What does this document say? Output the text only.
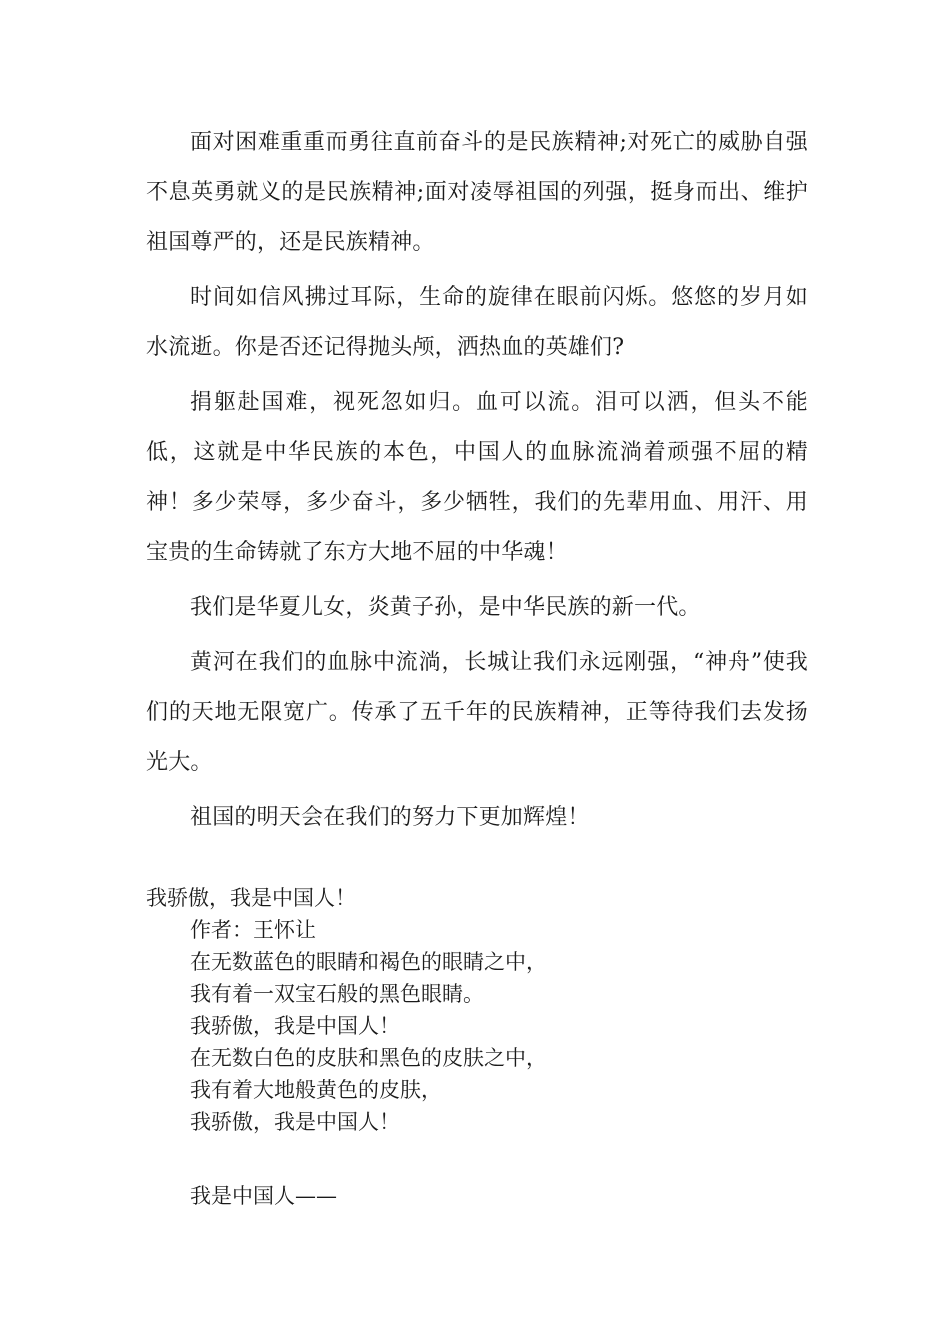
面对困难重重而勇往直前奋斗的是民族精神;对死亡的威胁自强不息英勇就义的是民族精神;面对凌辱祖国的列强，挺身而出、维护祖国尊严的，还是民族精神。

时间如信风拂过耳际，生命的旋律在眼前闪烁。悠悠的岁月如水流逝。你是否还记得抛头颅，洒热血的英雄们?

捐躯赴国难，视死忽如归。血可以流。泪可以洒，但头不能低，这就是中华民族的本色，中国人的血脉流淌着顽强不屈的精神！多少荣辱，多少奋斗，多少牺牲，我们的先辈用血、用汗、用宝贵的生命铸就了东方大地不屈的中华魂！

我们是华夏儿女，炎黄子孙，是中华民族的新一代。

黄河在我们的血脉中流淌，长城让我们永远刚强，“神舟”使我们的天地无限宽广。传承了五千年的民族精神，正等待我们去发扬光大。

祖国的明天会在我们的努力下更加辉煌！

我骄傲，我是中国人！
作者：王怀让
在无数蓝色的眼睛和褐色的眼睛之中，
我有着一双宝石般的黑色眼睛。
我骄傲，我是中国人！
在无数白色的皮肤和黑色的皮肤之中，
我有着大地般黄色的皮肤，
我骄傲，我是中国人！
我是中国人——
